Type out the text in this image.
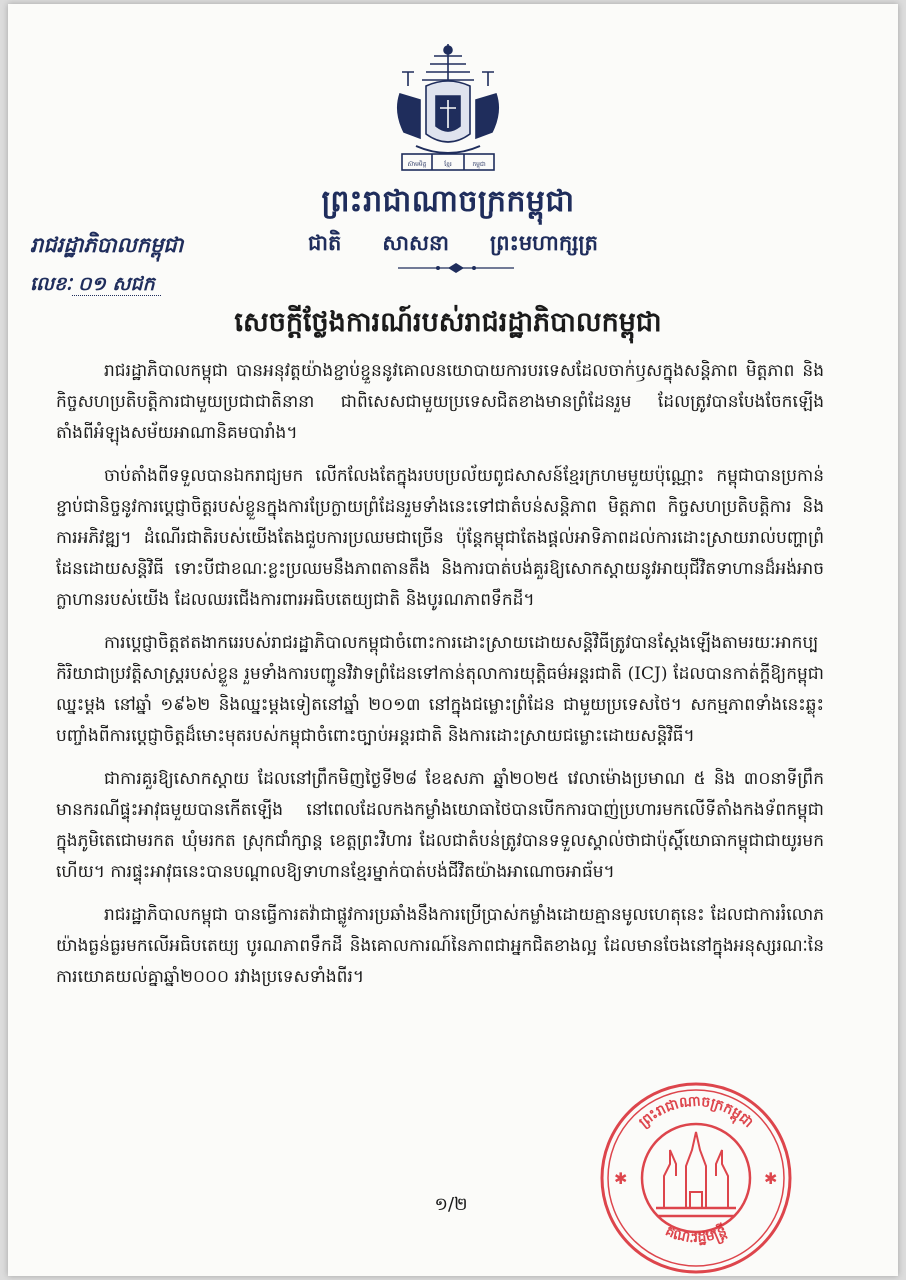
ស៊ាមមិត្ត	ខ្មែរ	កម្ពុជា
ព្រះរាជាណាចក្រកម្ពុជា
ជាតិ សាសនា ព្រះមហាក្សត្រ
រាជរដ្ឋាភិបាលកម្ពុជា
លេខៈ ០១ សជក
សេចក្តីថ្លែងការណ៍របស់រាជរដ្ឋាភិបាលកម្ពុជា

រាជរដ្ឋាភិបាលកម្ពុជា បានអនុវត្តយ៉ាងខ្ជាប់ខ្ជួននូវគោលនយោបាយការបរទេសដែលចាក់ឫសក្នុងសន្តិភាព មិត្តភាព និងកិច្ចសហប្រតិបត្តិការជាមួយប្រជាជាតិនានា ជាពិសេសជាមួយប្រទេសជិតខាងមានព្រំដែនរួម ដែលត្រូវបានបែងចែកឡើង តាំងពីអំឡុងសម័យអាណានិគមបារាំង។

ចាប់តាំងពីទទួលបានឯករាជ្យមក លើកលែងតែក្នុងរបបប្រល័យពូជសាសន៍ខ្មែរក្រហមមួយប៉ុណ្ណោះ កម្ពុជាបានប្រកាន់ខ្ជាប់ជានិច្ចនូវការប្តេជ្ញាចិត្តរបស់ខ្លួនក្នុងការប្រែក្លាយព្រំដែនរួមទាំងនេះទៅជាតំបន់សន្តិភាព មិត្តភាព កិច្ចសហប្រតិបត្តិការ និងការអភិវឌ្ឍ។ ដំណើរជាតិរបស់យើងតែងជួបការប្រឈមជាច្រើន ប៉ុន្តែកម្ពុជាតែងផ្តល់អាទិភាពដល់ការដោះស្រាយរាល់បញ្ហាព្រំដែនដោយសន្តិវិធី ទោះបីជាខណៈខ្លះប្រឈមនឹងភាពតានតឹង និងការបាត់បង់គួរឱ្យសោកស្តាយនូវអាយុជីវិតទាហានដ៏អង់អាចក្លាហានរបស់យើង ដែលឈរជើងការពារអធិបតេយ្យជាតិ និងបូរណភាពទឹកដី។

ការប្តេជ្ញាចិត្តឥតងាករេរបស់រាជរដ្ឋាភិបាលកម្ពុជាចំពោះការដោះស្រាយដោយសន្តិវិធីត្រូវបានស្តែងឡើងតាមរយៈអាកប្បកិរិយាជាប្រវត្តិសាស្ត្ររបស់ខ្លួន រួមទាំងការបញ្ជូនវិវាទព្រំដែនទៅកាន់តុលាការយុត្តិធម៌អន្តរជាតិ (ICJ) ដែលបានកាត់ក្តីឱ្យកម្ពុជាឈ្នះម្តង នៅឆ្នាំ ១៩៦២ និងឈ្នះម្តងទៀតនៅឆ្នាំ ២០១៣ នៅក្នុងជម្លោះព្រំដែន ជាមួយប្រទេសថៃ។ សកម្មភាពទាំងនេះឆ្លុះបញ្ចាំងពីការប្តេជ្ញាចិត្តដ៏មោះមុតរបស់កម្ពុជាចំពោះច្បាប់អន្តរជាតិ និងការដោះស្រាយជម្លោះដោយសន្តិវិធី។

ជាការគួរឱ្យសោកស្តាយ ដែលនៅព្រឹកមិញថ្ងៃទី២៨ ខែឧសភា ឆ្នាំ២០២៥ វេលាម៉ោងប្រមាណ ៥ និង ៣០នាទីព្រឹក មានករណីផ្ទុះអាវុធមួយបានកើតឡើង នៅពេលដែលកងកម្លាំងយោធាថៃបានបើកការបាញ់ប្រហារមកលើទីតាំងកងទ័ពកម្ពុជា ក្នុងភូមិតេជោមរកត ឃុំមរកត ស្រុកជាំក្សាន្ត ខេត្តព្រះវិហារ ដែលជាតំបន់ត្រូវបានទទួលស្គាល់ថាជាប៉ុស្តិ៍យោធាកម្ពុជាជាយូរមកហើយ។ ការផ្ទុះអាវុធនេះបានបណ្តាលឱ្យទាហានខ្មែរម្នាក់បាត់បង់ជីវិតយ៉ាងអាណោចអាធ័ម។

រាជរដ្ឋាភិបាលកម្ពុជា បានធ្វើការតវ៉ាជាផ្លូវការប្រឆាំងនឹងការប្រើប្រាស់កម្លាំងដោយគ្មានមូលហេតុនេះ ដែលជាការរំលោភយ៉ាងធ្ងន់ធ្ងរមកលើអធិបតេយ្យ បូរណភាពទឹកដី និងគោលការណ៍នៃភាពជាអ្នកជិតខាងល្អ ដែលមានចែងនៅក្នុងអនុស្សរណៈនៃការយោគយល់គ្នាឆ្នាំ២០០០ រវាងប្រទេសទាំងពីរ។

១/២
ព្រះរាជាណាចក្រកម្ពុជា
គណៈរដ្ឋមន្ត្រី
✱	✱
